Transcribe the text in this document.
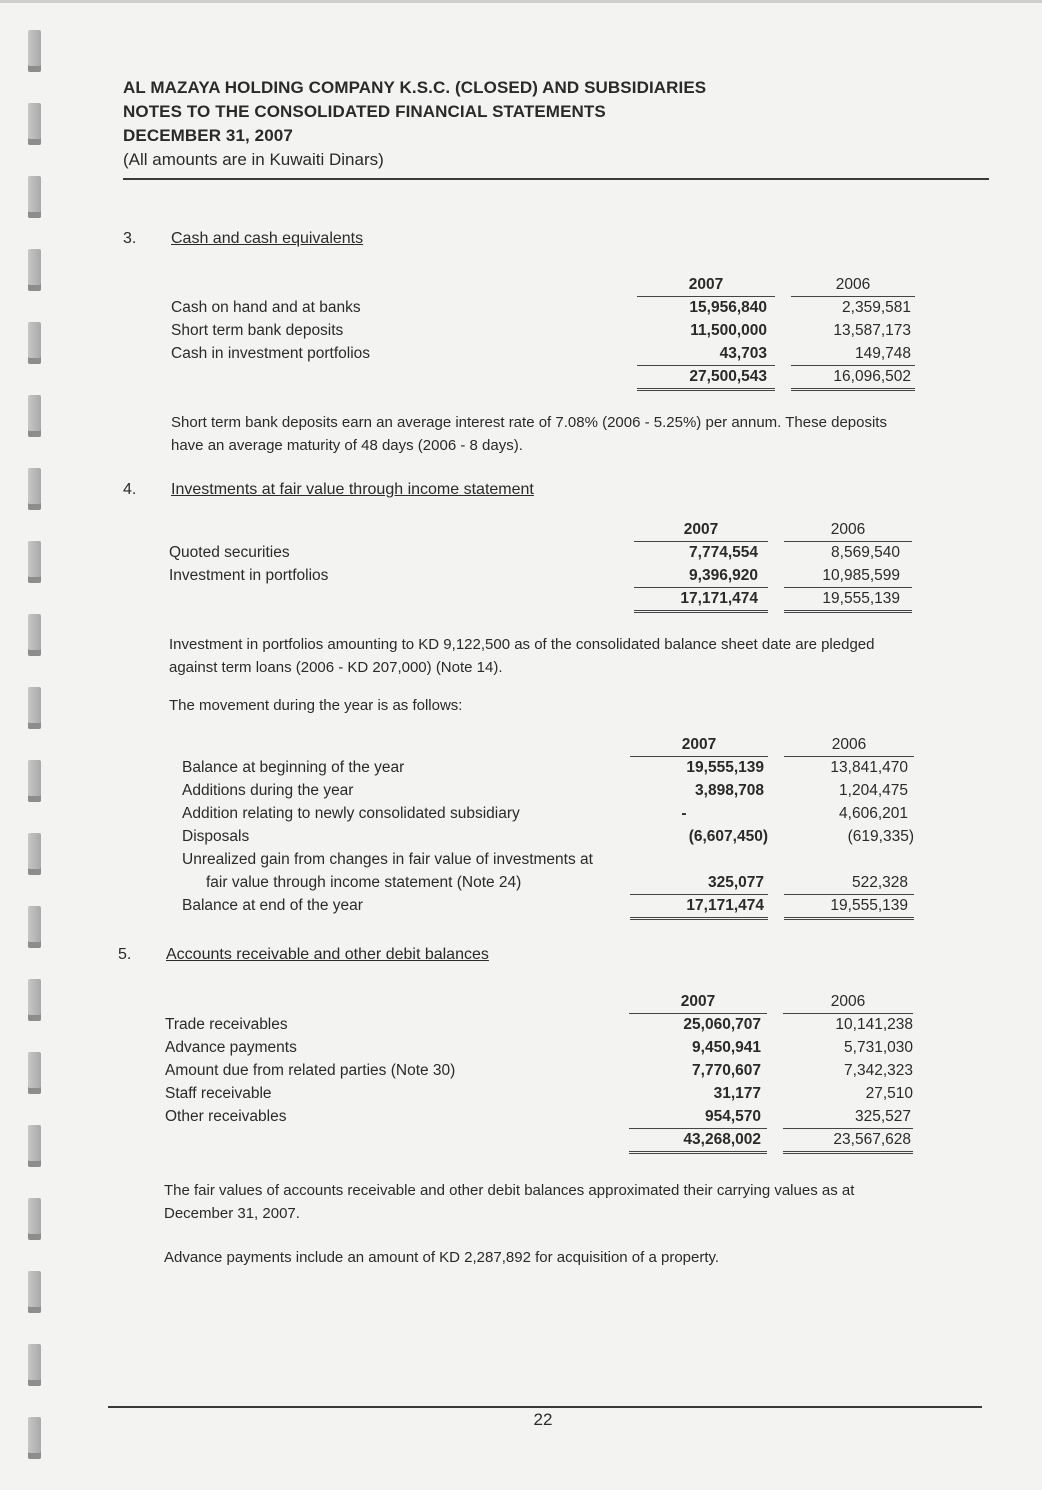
AL MAZAYA HOLDING COMPANY K.S.C. (CLOSED) AND SUBSIDIARIES
NOTES TO THE CONSOLIDATED FINANCIAL STATEMENTS
DECEMBER 31, 2007
(All amounts are in Kuwaiti Dinars)
3. Cash and cash equivalents
2007	2006
Cash on hand and at banks	15,956,840	2,359,581
Short term bank deposits	11,500,000	13,587,173
Cash in investment portfolios	43,703	149,748
27,500,543	16,096,502
Short term bank deposits earn an average interest rate of 7.08% (2006 - 5.25%) per annum. These deposits have an average maturity of 48 days (2006 - 8 days).
4. Investments at fair value through income statement
2007	2006
Quoted securities	7,774,554	8,569,540
Investment in portfolios	9,396,920	10,985,599
17,171,474	19,555,139
Investment in portfolios amounting to KD 9,122,500 as of the consolidated balance sheet date are pledged against term loans (2006 - KD 207,000) (Note 14).
The movement during the year is as follows:
2007	2006
Balance at beginning of the year	19,555,139	13,841,470
Additions during the year	3,898,708	1,204,475
Addition relating to newly consolidated subsidiary	-	4,606,201
Disposals	(6,607,450)	(619,335)
Unrealized gain from changes in fair value of investments at
fair value through income statement (Note 24)	325,077	522,328
Balance at end of the year	17,171,474	19,555,139
5. Accounts receivable and other debit balances
2007	2006
Trade receivables	25,060,707	10,141,238
Advance payments	9,450,941	5,731,030
Amount due from related parties (Note 30)	7,770,607	7,342,323
Staff receivable	31,177	27,510
Other receivables	954,570	325,527
43,268,002	23,567,628
The fair values of accounts receivable and other debit balances approximated their carrying values as at December 31, 2007.
Advance payments include an amount of KD 2,287,892 for acquisition of a property.
22
